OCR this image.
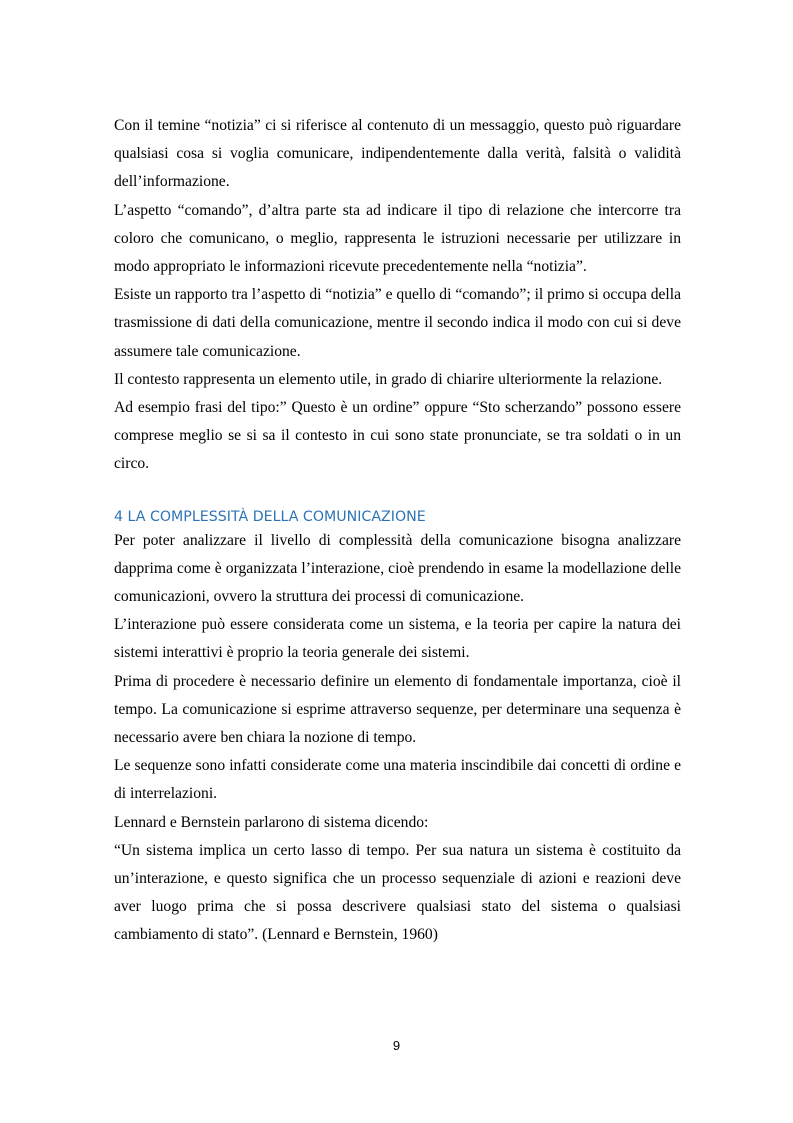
Con il temine “notizia” ci si riferisce al contenuto di un messaggio, questo può riguardare qualsiasi cosa si voglia comunicare, indipendentemente dalla verità, falsità o validità dell’informazione.

L’aspetto “comando”, d’altra parte sta ad indicare il tipo di relazione che intercorre tra coloro che comunicano, o meglio, rappresenta le istruzioni necessarie per utilizzare in modo appropriato le informazioni ricevute precedentemente nella “notizia”.

Esiste un rapporto tra l’aspetto di “notizia” e quello di “comando”; il primo si occupa della trasmissione di dati della comunicazione, mentre il secondo indica il modo con cui si deve assumere tale comunicazione.

Il contesto rappresenta un elemento utile, in grado di chiarire ulteriormente la relazione.

Ad esempio frasi del tipo:” Questo è un ordine” oppure “Sto scherzando” possono essere comprese meglio se si sa il contesto in cui sono state pronunciate, se tra soldati o in un circo.

4 LA COMPLESSITÀ DELLA COMUNICAZIONE

Per poter analizzare il livello di complessità della comunicazione bisogna analizzare dapprima come è organizzata l’interazione, cioè prendendo in esame la modellazione delle comunicazioni, ovvero la struttura dei processi di comunicazione.

L’interazione può essere considerata come un sistema, e la teoria per capire la natura dei sistemi interattivi è proprio la teoria generale dei sistemi.

Prima di procedere è necessario definire un elemento di fondamentale importanza, cioè il tempo. La comunicazione si esprime attraverso sequenze, per determinare una sequenza è necessario avere ben chiara la nozione di tempo.

Le sequenze sono infatti considerate come una materia inscindibile dai concetti di ordine e di interrelazioni.

Lennard e Bernstein parlarono di sistema dicendo:

“Un sistema implica un certo lasso di tempo. Per sua natura un sistema è costituito da un’interazione, e questo significa che un processo sequenziale di azioni e reazioni deve aver luogo prima che si possa descrivere qualsiasi stato del sistema o qualsiasi cambiamento di stato”. (Lennard e Bernstein, 1960)

9
